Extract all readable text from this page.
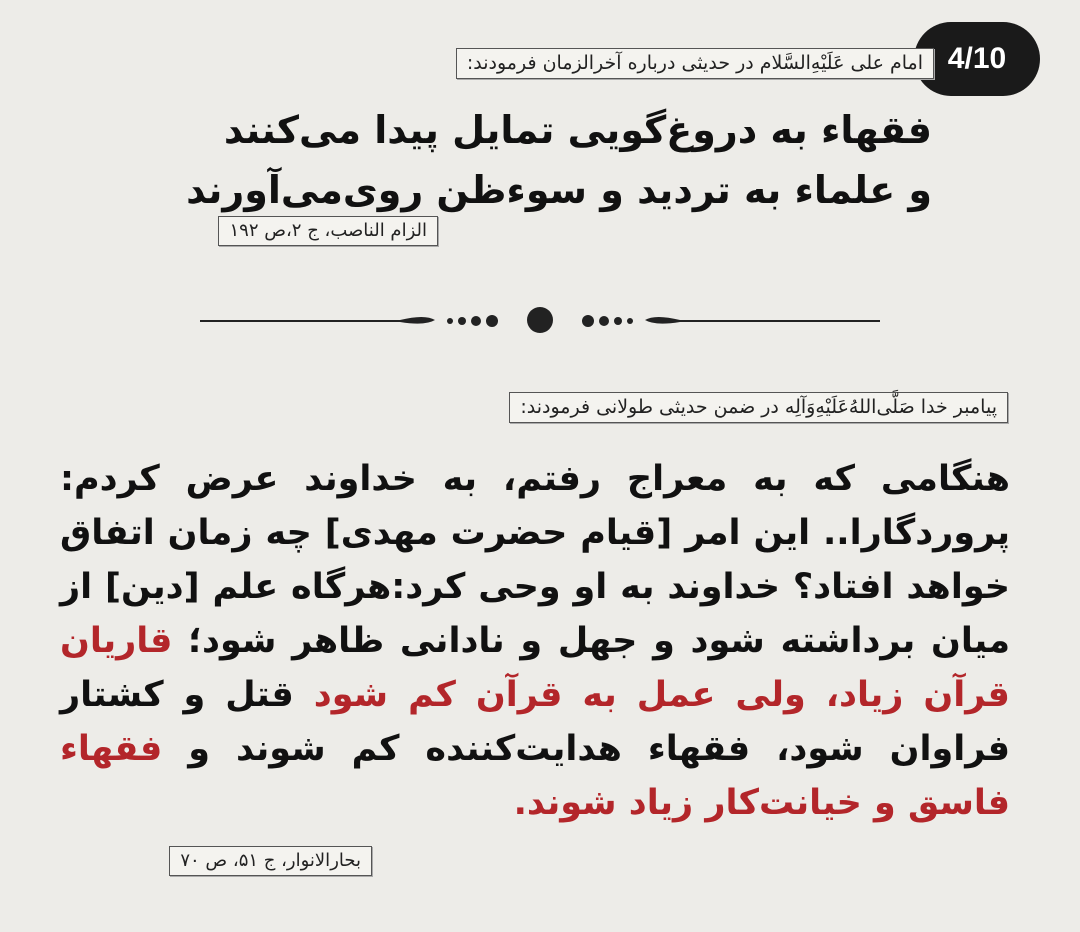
4/10
امام علی عَلَیْهِ‌السَّلام در حدیثی درباره آخرالزمان فرمودند:
فقهاء به دروغ‌گویی تمایل پیدا می‌کنند
و علماء به تردید و سوءظن روی‌می‌آورند
الزام الناصب، ج ۲،ص ۱۹۲
پیامبر خدا صَلَّی‌اللهُ‌عَلَیْهِ‌وَآلِه در ضمن حدیثی طولانی فرمودند:
هنگامی که به معراج رفتم، به خداوند عرض کردم: پروردگارا.. این امر [قیام حضرت مهدی] چه زمان اتفاق خواهد افتاد؟ خداوند به او وحی کرد:هرگاه علم [دین] از میان برداشته شود و جهل و نادانی ظاهر شود؛ قاریان قرآن زیاد، ولی عمل به قرآن کم شود قتل و کشتار فراوان شود، فقهاء هدایت‌کننده کم شوند و فقهاء فاسق و خیانت‌کار زیاد شوند.
بحارالانوار، ج ۵۱، ص ۷۰
